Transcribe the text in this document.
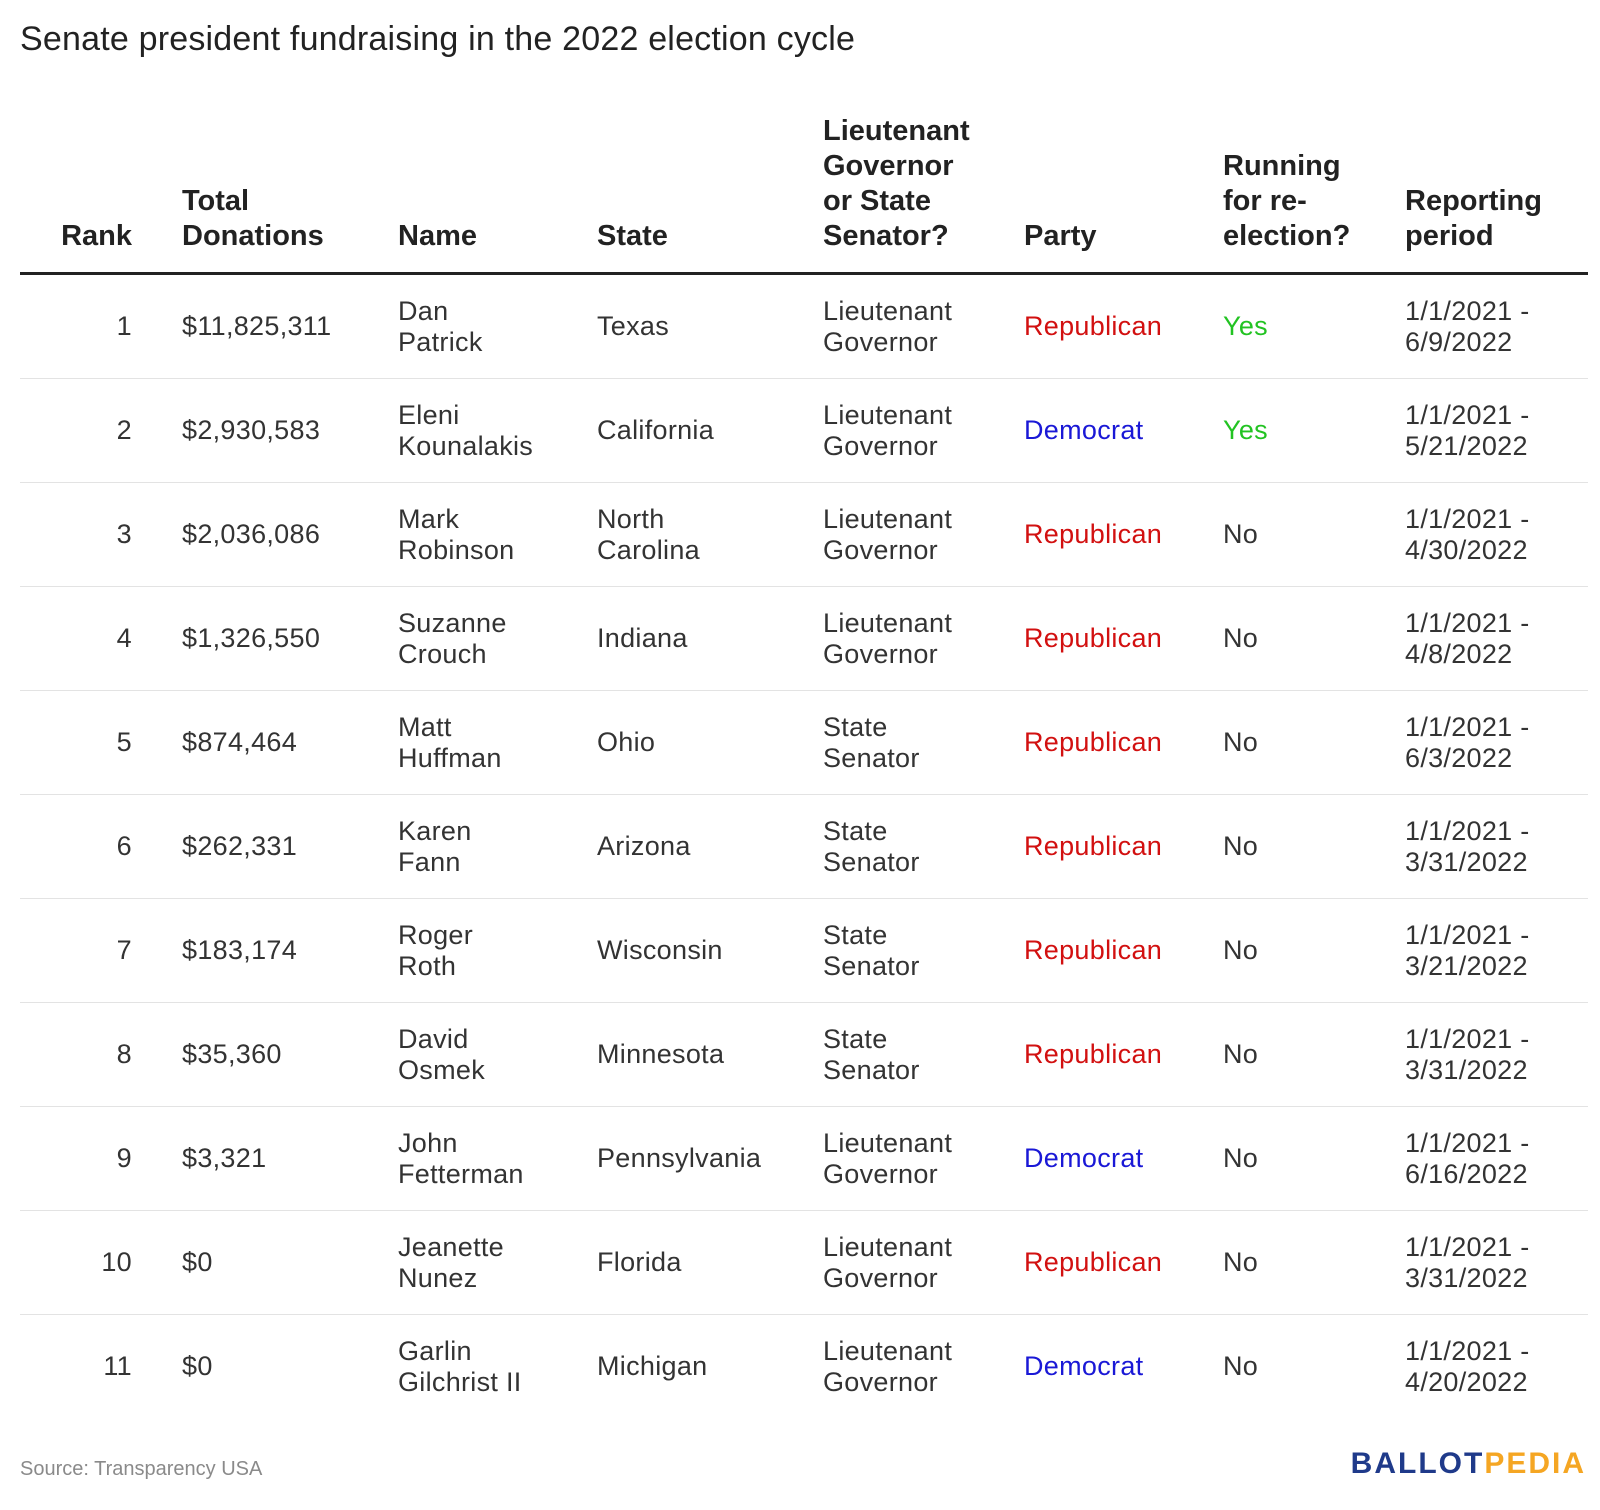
Senate president fundraising in the 2022 election cycle
Rank	Total Donations	Name	State	Lieutenant Governor or State Senator?	Party	Running for re-election?	Reporting period
1	$11,825,311	Dan Patrick	Texas	Lieutenant Governor	Republican	Yes	1/1/2021 - 6/9/2022
2	$2,930,583	Eleni Kounalakis	California	Lieutenant Governor	Democrat	Yes	1/1/2021 - 5/21/2022
3	$2,036,086	Mark Robinson	North Carolina	Lieutenant Governor	Republican	No	1/1/2021 - 4/30/2022
4	$1,326,550	Suzanne Crouch	Indiana	Lieutenant Governor	Republican	No	1/1/2021 - 4/8/2022
5	$874,464	Matt Huffman	Ohio	State Senator	Republican	No	1/1/2021 - 6/3/2022
6	$262,331	Karen Fann	Arizona	State Senator	Republican	No	1/1/2021 - 3/31/2022
7	$183,174	Roger Roth	Wisconsin	State Senator	Republican	No	1/1/2021 - 3/21/2022
8	$35,360	David Osmek	Minnesota	State Senator	Republican	No	1/1/2021 - 3/31/2022
9	$3,321	John Fetterman	Pennsylvania	Lieutenant Governor	Democrat	No	1/1/2021 - 6/16/2022
10	$0	Jeanette Nunez	Florida	Lieutenant Governor	Republican	No	1/1/2021 - 3/31/2022
11	$0	Garlin Gilchrist II	Michigan	Lieutenant Governor	Democrat	No	1/1/2021 - 4/20/2022
Source: Transparency USA	BALLOTPEDIA
